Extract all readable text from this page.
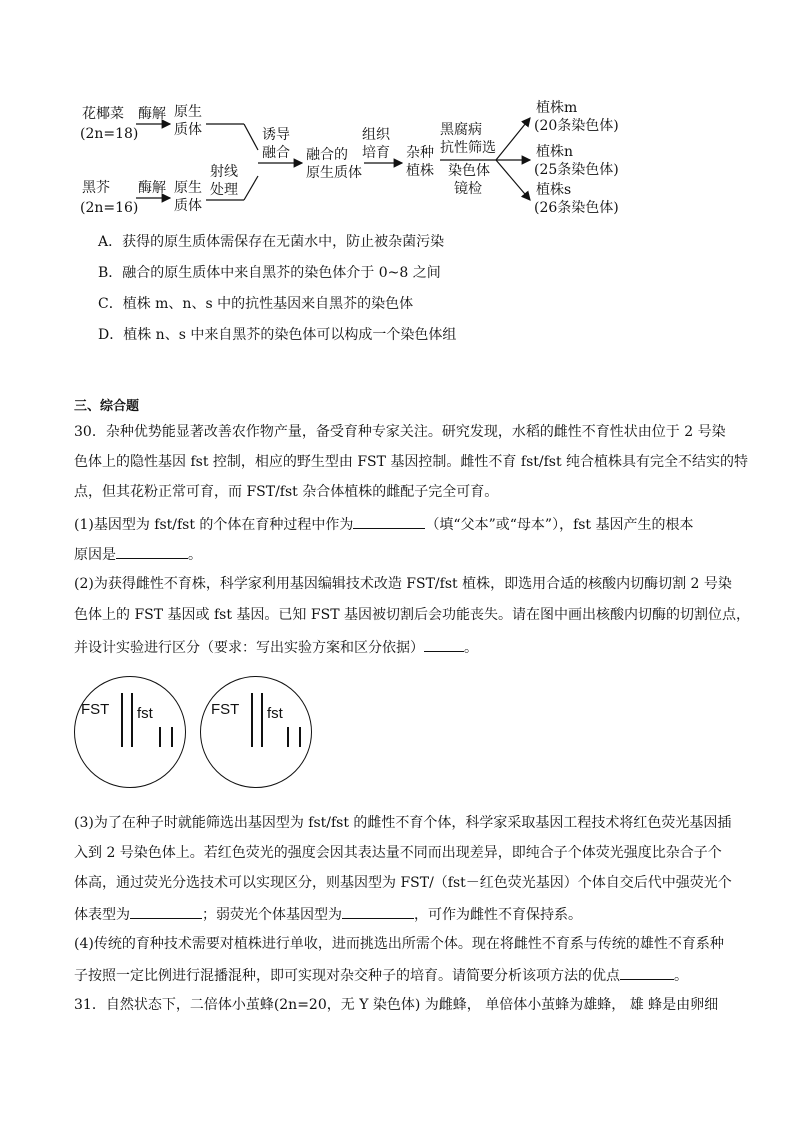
花椰菜
(2n=18)
酶解 原生
质体
黑芥
(2n=16)
酶解 原生
质体
射线
处理
诱导
融合 融合的
原生质体
组织
培育 杂种
植株
黑腐病
抗性筛选
染色体
镜检
植株m
(20条染色体)
植株n
(25条染色体)
植株s
(26条染色体)
A．获得的原生质体需保存在无菌水中，防止被杂菌污染
B．融合的原生质体中来自黑芥的染色体介于 0~8 之间
C．植株 m、n、s 中的抗性基因来自黑芥的染色体
D．植株 n、s 中来自黑芥的染色体可以构成一个染色体组
三、综合题
30．杂种优势能显著改善农作物产量，备受育种专家关注。研究发现，水稻的雌性不育性状由位于 2 号染
色体上的隐性基因 fst 控制，相应的野生型由 FST 基因控制。雌性不育 fst/fst 纯合植株具有完全不结实的特
点，但其花粉正常可育，而 FST/fst 杂合体植株的雌配子完全可育。
(1)基因型为 fst/fst 的个体在育种过程中作为	（填“父本”或“母本”），fst 基因产生的根本
原因是	。
(2)为获得雌性不育株，科学家利用基因编辑技术改造 FST/fst 植株，即选用合适的核酸内切酶切割 2 号染
色体上的 FST 基因或 fst 基因。已知 FST 基因被切割后会功能丧失。请在图中画出核酸内切酶的切割位点，
并设计实验进行区分（要求：写出实验方案和区分依据）	。
FST fst	FST fst
(3)为了在种子时就能筛选出基因型为 fst/fst 的雌性不育个体，科学家采取基因工程技术将红色荧光基因插
入到 2 号染色体上。若红色荧光的强度会因其表达量不同而出现差异，即纯合子个体荧光强度比杂合子个
体高，通过荧光分选技术可以实现区分，则基因型为 FST/（fst－红色荧光基因）个体自交后代中强荧光个
体表型为	；弱荧光个体基因型为	，可作为雌性不育保持系。
(4)传统的育种技术需要对植株进行单收，进而挑选出所需个体。现在将雌性不育系与传统的雄性不育系种
子按照一定比例进行混播混种，即可实现对杂交种子的培育。请简要分析该项方法的优点	。
31．自然状态下，二倍体小茧蜂(2n=20，无 Y 染色体) 为雌蜂， 单倍体小茧蜂为雄蜂， 雄 蜂是由卵细
